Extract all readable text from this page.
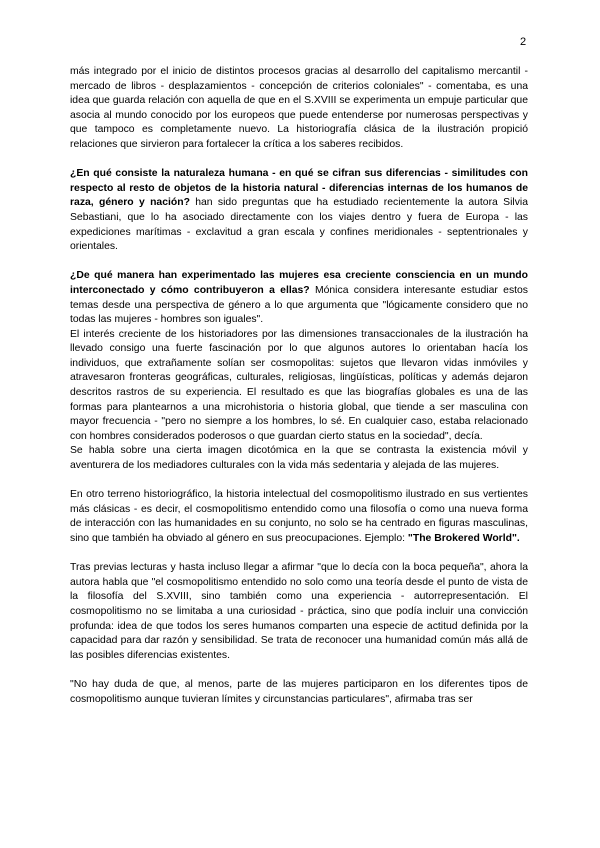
2

más integrado por el inicio de distintos procesos gracias al desarrollo del capitalismo mercantil - mercado de libros - desplazamientos - concepción de criterios coloniales" - comentaba, es una idea que guarda relación con aquella de que en el S.XVIII se experimenta un empuje particular que asocia al mundo conocido por los europeos que puede entenderse por numerosas perspectivas y que tampoco es completamente nuevo. La historiografía clásica de la ilustración propició relaciones que sirvieron para fortalecer la crítica a los saberes recibidos.

¿En qué consiste la naturaleza humana - en qué se cifran sus diferencias - similitudes con respecto al resto de objetos de la historia natural - diferencias internas de los humanos de raza, género y nación? han sido preguntas que ha estudiado recientemente la autora Silvia Sebastiani, que lo ha asociado directamente con los viajes dentro y fuera de Europa - las expediciones marítimas - exclavitud a gran escala y confines meridionales - septentrionales y orientales.

¿De qué manera han experimentado las mujeres esa creciente consciencia en un mundo interconectado y cómo contribuyeron a ellas? Mónica considera interesante estudiar estos temas desde una perspectiva de género a lo que argumenta que "lógicamente considero que no todas las mujeres - hombres son iguales".

El interés creciente de los historiadores por las dimensiones transaccionales de la ilustración ha llevado consigo una fuerte fascinación por lo que algunos autores lo orientaban hacía los individuos, que extrañamente solían ser cosmopolitas: sujetos que llevaron vidas inmóviles y atravesaron fronteras geográficas, culturales, religiosas, lingüísticas, políticas y además dejaron descritos rastros de su experiencia. El resultado es que las biografías globales es una de las formas para plantearnos a una microhistoria o historia global, que tiende a ser masculina con mayor frecuencia - "pero no siempre a los hombres, lo sé. En cualquier caso, estaba relacionado con hombres considerados poderosos o que guardan cierto status en la sociedad", decía.

Se habla sobre una cierta imagen dicotómica en la que se contrasta la existencia móvil y aventurera de los mediadores culturales con la vida más sedentaria y alejada de las mujeres.

En otro terreno historiográfico, la historia intelectual del cosmopolitismo ilustrado en sus vertientes más clásicas - es decir, el cosmopolitismo entendido como una filosofía o como una nueva forma de interacción con las humanidades en su conjunto, no solo se ha centrado en figuras masculinas, sino que también ha obviado al género en sus preocupaciones. Ejemplo: "The Brokered World".

Tras previas lecturas y hasta incluso llegar a afirmar "que lo decía con la boca pequeña", ahora la autora habla que "el cosmopolitismo entendido no solo como una teoría desde el punto de vista de la filosofía del S.XVIII, sino también como una experiencia - autorrepresentación. El cosmopolitismo no se limitaba a una curiosidad - práctica, sino que podía incluir una convicción profunda: idea de que todos los seres humanos comparten una especie de actitud definida por la capacidad para dar razón y sensibilidad. Se trata de reconocer una humanidad común más allá de las posibles diferencias existentes.

"No hay duda de que, al menos, parte de las mujeres participaron en los diferentes tipos de cosmopolitismo aunque tuvieran límites y circunstancias particulares", afirmaba tras ser
